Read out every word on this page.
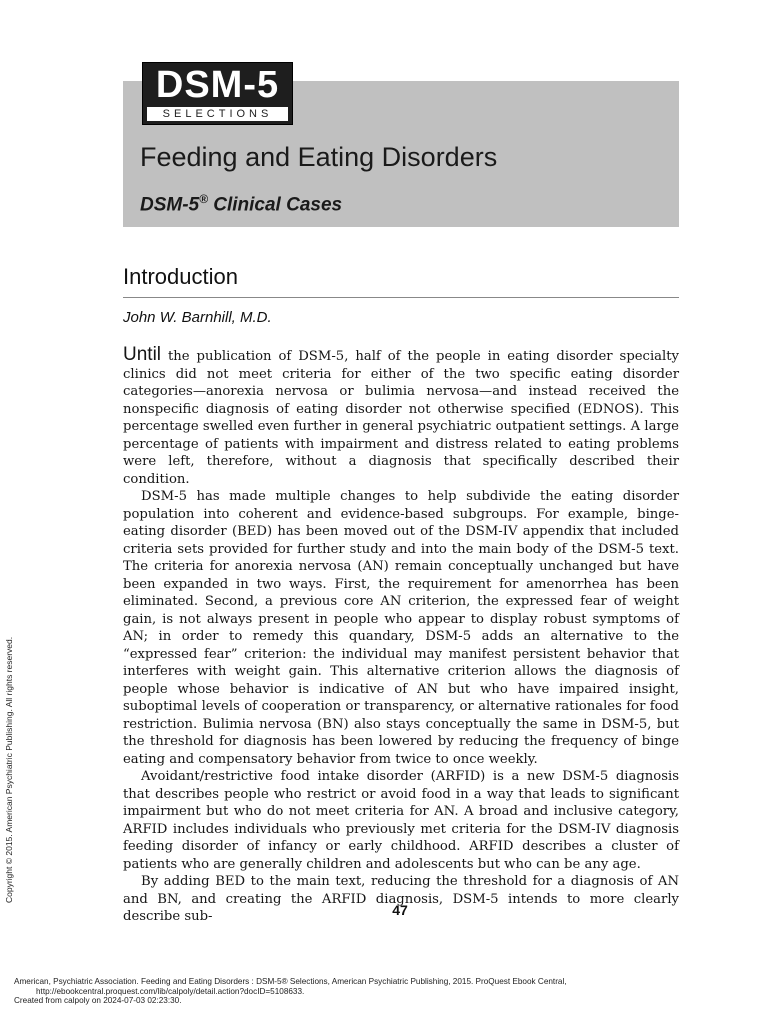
DSM-5
SELECTIONS
Feeding and Eating Disorders
DSM-5® Clinical Cases
Introduction
John W. Barnhill, M.D.

Until the publication of DSM-5, half of the people in eating disorder specialty clinics did not meet criteria for either of the two specific eating disorder categories—anorexia nervosa or bulimia nervosa—and instead received the nonspecific diagnosis of eating disorder not otherwise specified (EDNOS). This percentage swelled even further in general psychiatric outpatient settings. A large percentage of patients with impairment and distress related to eating problems were left, therefore, without a diagnosis that specifically described their condition.

DSM-5 has made multiple changes to help subdivide the eating disorder population into coherent and evidence-based subgroups. For example, binge-eating disorder (BED) has been moved out of the DSM-IV appendix that included criteria sets provided for further study and into the main body of the DSM-5 text. The criteria for anorexia nervosa (AN) remain conceptually unchanged but have been expanded in two ways. First, the requirement for amenorrhea has been eliminated. Second, a previous core AN criterion, the expressed fear of weight gain, is not always present in people who appear to display robust symptoms of AN; in order to remedy this quandary, DSM-5 adds an alternative to the “expressed fear” criterion: the individual may manifest persistent behavior that interferes with weight gain. This alternative criterion allows the diagnosis of people whose behavior is indicative of AN but who have impaired insight, suboptimal levels of cooperation or transparency, or alternative rationales for food restriction. Bulimia nervosa (BN) also stays conceptually the same in DSM-5, but the threshold for diagnosis has been lowered by reducing the frequency of binge eating and compensatory behavior from twice to once weekly.

Avoidant/restrictive food intake disorder (ARFID) is a new DSM-5 diagnosis that describes people who restrict or avoid food in a way that leads to significant impairment but who do not meet criteria for AN. A broad and inclusive category, ARFID includes individuals who previously met criteria for the DSM-IV diagnosis feeding disorder of infancy or early childhood. ARFID describes a cluster of patients who are generally children and adolescents but who can be any age.

By adding BED to the main text, reducing the threshold for a diagnosis of AN and BN, and creating the ARFID diagnosis, DSM-5 intends to more clearly describe sub-	47
Copyright © 2015. American Psychiatric Publishing. All rights reserved.
American, Psychiatric Association. Feeding and Eating Disorders : DSM-5® Selections, American Psychiatric Publishing, 2015. ProQuest Ebook Central,
http://ebookcentral.proquest.com/lib/calpoly/detail.action?docID=5108633.
Created from calpoly on 2024-07-03 02:23:30.
